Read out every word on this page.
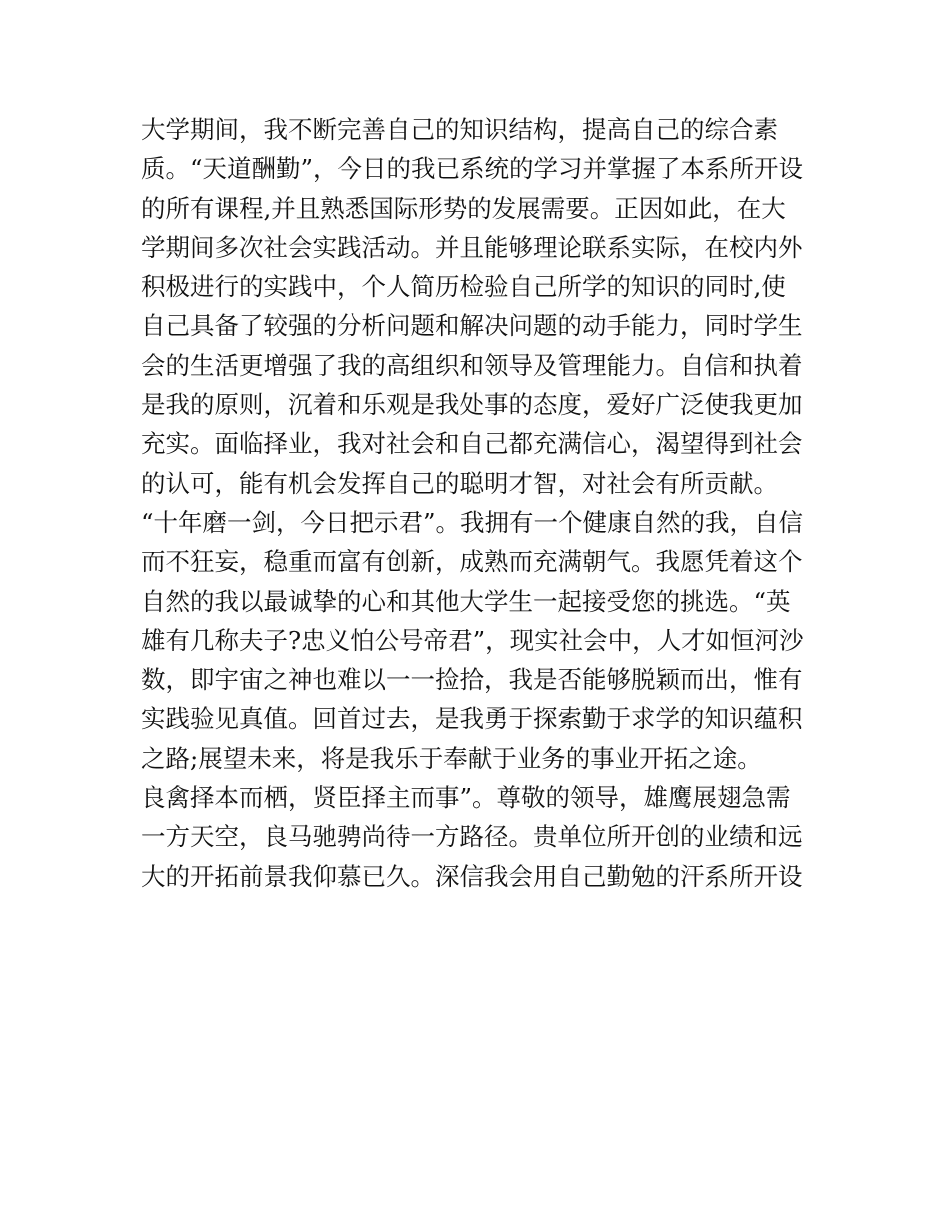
大学期间，我不断完善自己的知识结构，提高自己的综合素
质。“天道酬勤”，今日的我已系统的学习并掌握了本系所开设
的所有课程,并且熟悉国际形势的发展需要。正因如此，在大
学期间多次社会实践活动。并且能够理论联系实际，在校内外
积极进行的实践中，个人简历检验自己所学的知识的同时,使
自己具备了较强的分析问题和解决问题的动手能力，同时学生
会的生活更增强了我的高组织和领导及管理能力。自信和执着
是我的原则，沉着和乐观是我处事的态度，爱好广泛使我更加
充实。面临择业，我对社会和自己都充满信心，渴望得到社会
的认可，能有机会发挥自己的聪明才智，对社会有所贡献。
“十年磨一剑，今日把示君”。我拥有一个健康自然的我，自信
而不狂妄，稳重而富有创新，成熟而充满朝气。我愿凭着这个
自然的我以最诚挚的心和其他大学生一起接受您的挑选。“英
雄有几称夫子?忠义怕公号帝君”，现实社会中，人才如恒河沙
数，即宇宙之神也难以一一捡拾，我是否能够脱颖而出，惟有
实践验见真值。回首过去，是我勇于探索勤于求学的知识蕴积
之路;展望未来，将是我乐于奉献于业务的事业开拓之途。
良禽择本而栖，贤臣择主而事”。尊敬的领导，雄鹰展翅急需
一方天空，良马驰骋尚待一方路径。贵单位所开创的业绩和远
大的开拓前景我仰慕已久。深信我会用自己勤勉的汗系所开设
